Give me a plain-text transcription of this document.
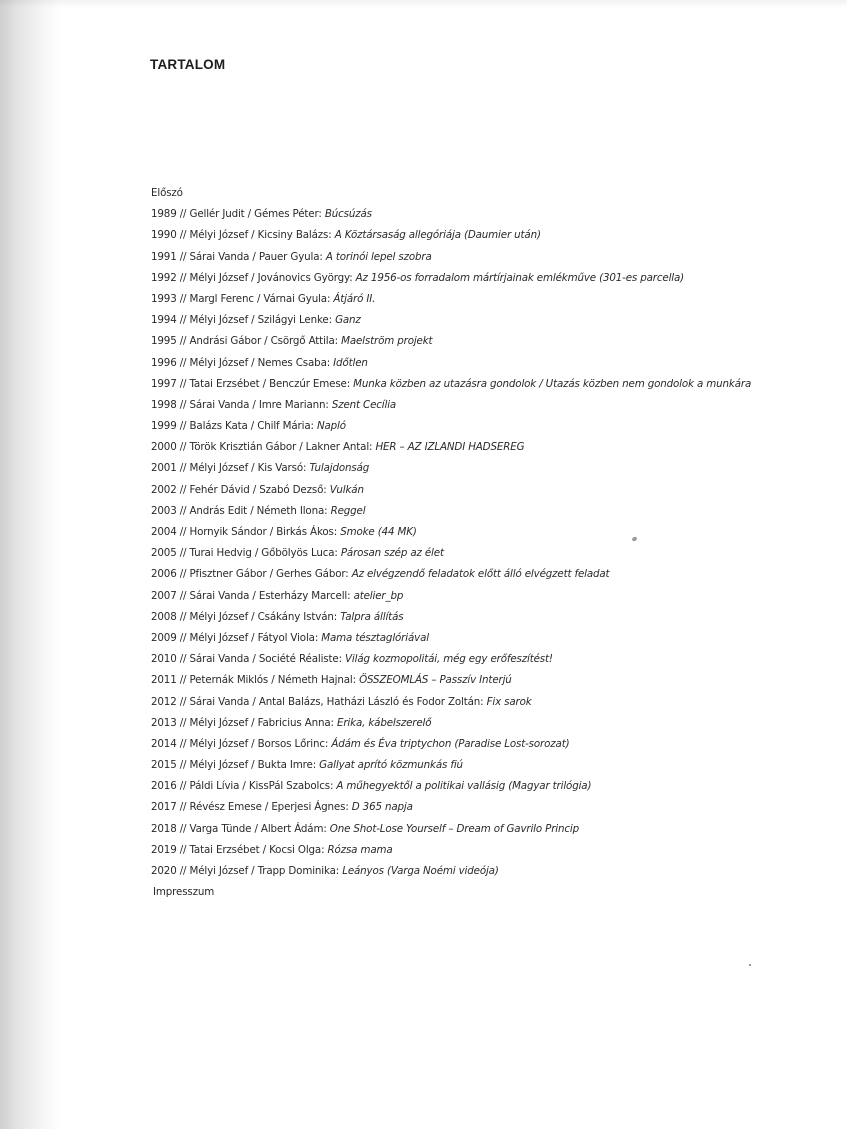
TARTALOM
Előszó
1989 // Gellér Judit / Gémes Péter: Búcsúzás
1990 // Mélyi József / Kicsiny Balázs: A Köztársaság allegóriája (Daumier után)
1991 // Sárai Vanda / Pauer Gyula: A torinói lepel szobra
1992 // Mélyi József / Jovánovics György: Az 1956-os forradalom mártírjainak emlékműve (301-es parcella)
1993 // Margl Ferenc / Várnai Gyula: Átjáró II.
1994 // Mélyi József / Szilágyi Lenke: Ganz
1995 // Andrási Gábor / Csörgő Attila: Maelström projekt
1996 // Mélyi József / Nemes Csaba: Időtlen
1997 // Tatai Erzsébet / Benczúr Emese: Munka közben az utazásra gondolok / Utazás közben nem gondolok a munkára
1998 // Sárai Vanda / Imre Mariann: Szent Cecília
1999 // Balázs Kata / Chilf Mária: Napló
2000 // Török Krisztián Gábor / Lakner Antal: HER – AZ IZLANDI HADSEREG
2001 // Mélyi József / Kis Varsó: Tulajdonság
2002 // Fehér Dávid / Szabó Dezső: Vulkán
2003 // András Edit / Németh Ilona: Reggel
2004 // Hornyik Sándor / Birkás Ákos: Smoke (44 MK)
2005 // Turai Hedvig / Gőbölyös Luca: Párosan szép az élet
2006 // Pfisztner Gábor / Gerhes Gábor: Az elvégzendő feladatok előtt álló elvégzett feladat
2007 // Sárai Vanda / Esterházy Marcell: atelier_bp
2008 // Mélyi József / Csákány István: Talpra állítás
2009 // Mélyi József / Fátyol Viola: Mama tésztaglóriával
2010 // Sárai Vanda / Société Réaliste: Világ kozmopolitái, még egy erőfeszítést!
2011 // Peternák Miklós / Németh Hajnal: ÖSSZEOMLÁS – Passzív Interjú
2012 // Sárai Vanda / Antal Balázs, Hatházi László és Fodor Zoltán: Fix sarok
2013 // Mélyi József / Fabricius Anna: Erika, kábelszerelő
2014 // Mélyi József / Borsos Lőrinc: Ádám és Éva triptychon (Paradise Lost-sorozat)
2015 // Mélyi József / Bukta Imre: Gallyat aprító közmunkás fiú
2016 // Páldi Lívia / KissPál Szabolcs: A műhegyektől a politikai vallásig (Magyar trilógia)
2017 // Révész Emese / Eperjesi Ágnes: D 365 napja
2018 // Varga Tünde / Albert Ádám: One Shot-Lose Yourself – Dream of Gavrilo Princip
2019 // Tatai Erzsébet / Kocsi Olga: Rózsa mama
2020 // Mélyi József / Trapp Dominika: Leányos (Varga Noémi videója)
Impresszum
